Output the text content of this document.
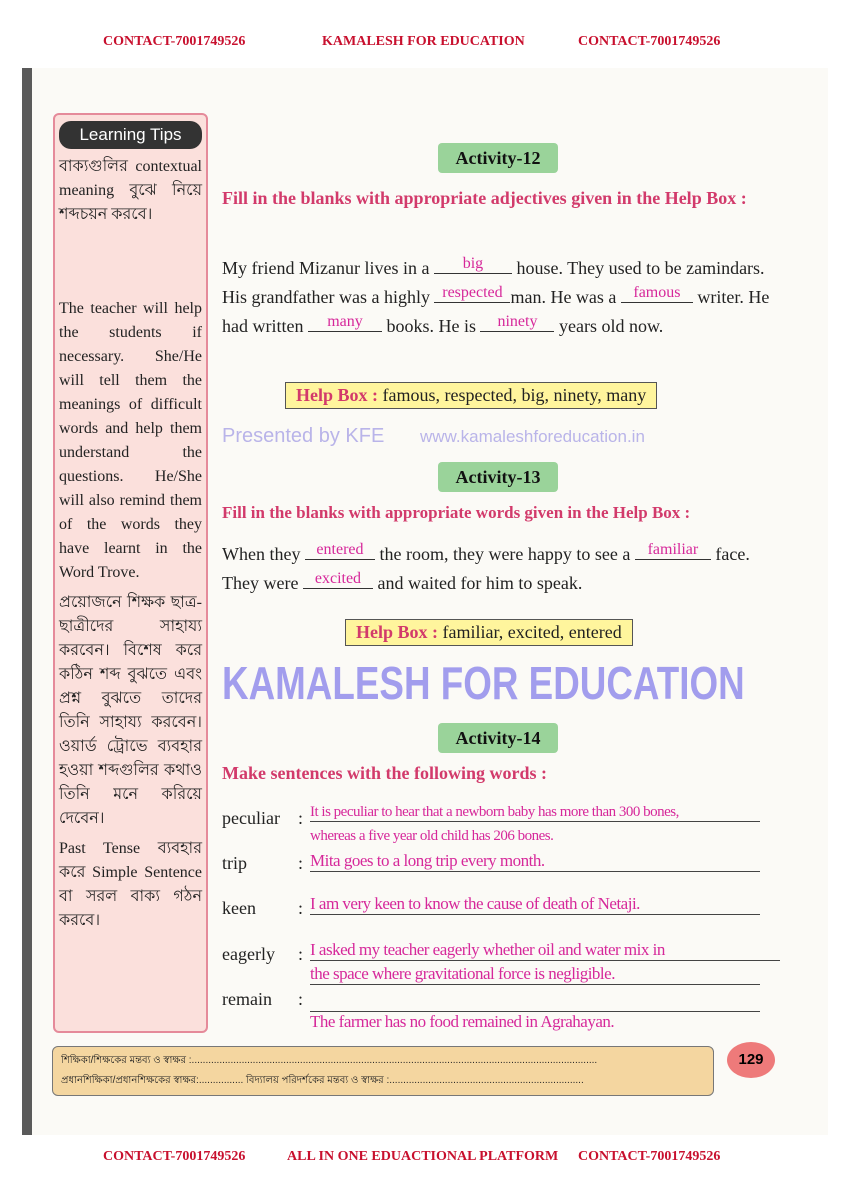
CONTACT-7001749526	KAMALESH FOR EDUCATION	CONTACT-7001749526
Learning Tips

বাক্যগুলির contextual meaning বুঝে নিয়ে শব্দচয়ন করবে।

The teacher will help the students if necessary. She/He will tell them the meanings of difficult words and help them understand the questions. He/She will also remind them of the words they have learnt in the Word Trove.

প্রয়োজনে শিক্ষক ছাত্র-ছাত্রীদের সাহায্য করবেন। বিশেষ করে কঠিন শব্দ বুঝতে এবং প্রশ্ন বুঝতে তাদের তিনি সাহায্য করবেন। ওয়ার্ড ট্রোভে ব্যবহার হওয়া শব্দগুলির কথাও তিনি মনে করিয়ে দেবেন।

Past Tense ব্যবহার করে Simple Sentence বা সরল বাক্য গঠন করবে।

Activity-12
Fill in the blanks with appropriate adjectives given in the Help Box :
My friend Mizanur lives in a big house. They used to be zamindars. His grandfather was a highly respected man. He was a famous writer. He had written many books. He is ninety years old now.
Help Box : famous, respected, big, ninety, many
Presented by KFE www.kamaleshforeducation.in
Activity-13
Fill in the blanks with appropriate words given in the Help Box :
When they entered the room, they were happy to see a familiar face. They were excited and waited for him to speak.
Help Box : familiar, excited, entered
KAMALESH FOR EDUCATION
Activity-14
Make sentences with the following words :
peculiar : It is peculiar to hear that a newborn baby has more than 300 bones,
whereas a five year old child has 206 bones.
trip	: Mita goes to a long trip every month.
keen : I am very keen to know the cause of death of Netaji.
eagerly : I asked my teacher eagerly whether oil and water mix in
the space where gravitational force is negligible.
remain :
The farmer has no food remained in Agrahayan.
শিক্ষিকা/শিক্ষকের মন্তব্য ও স্বাক্ষর :..................................................................................................................................................
প্রধানশিক্ষিকা/প্রধানশিক্ষকের স্বাক্ষর:................ বিদ্যালয় পরিদর্শকের মন্তব্য ও স্বাক্ষর :......................................................................
129
CONTACT-7001749526	ALL IN ONE EDUACTIONAL PLATFORM CONTACT-7001749526
